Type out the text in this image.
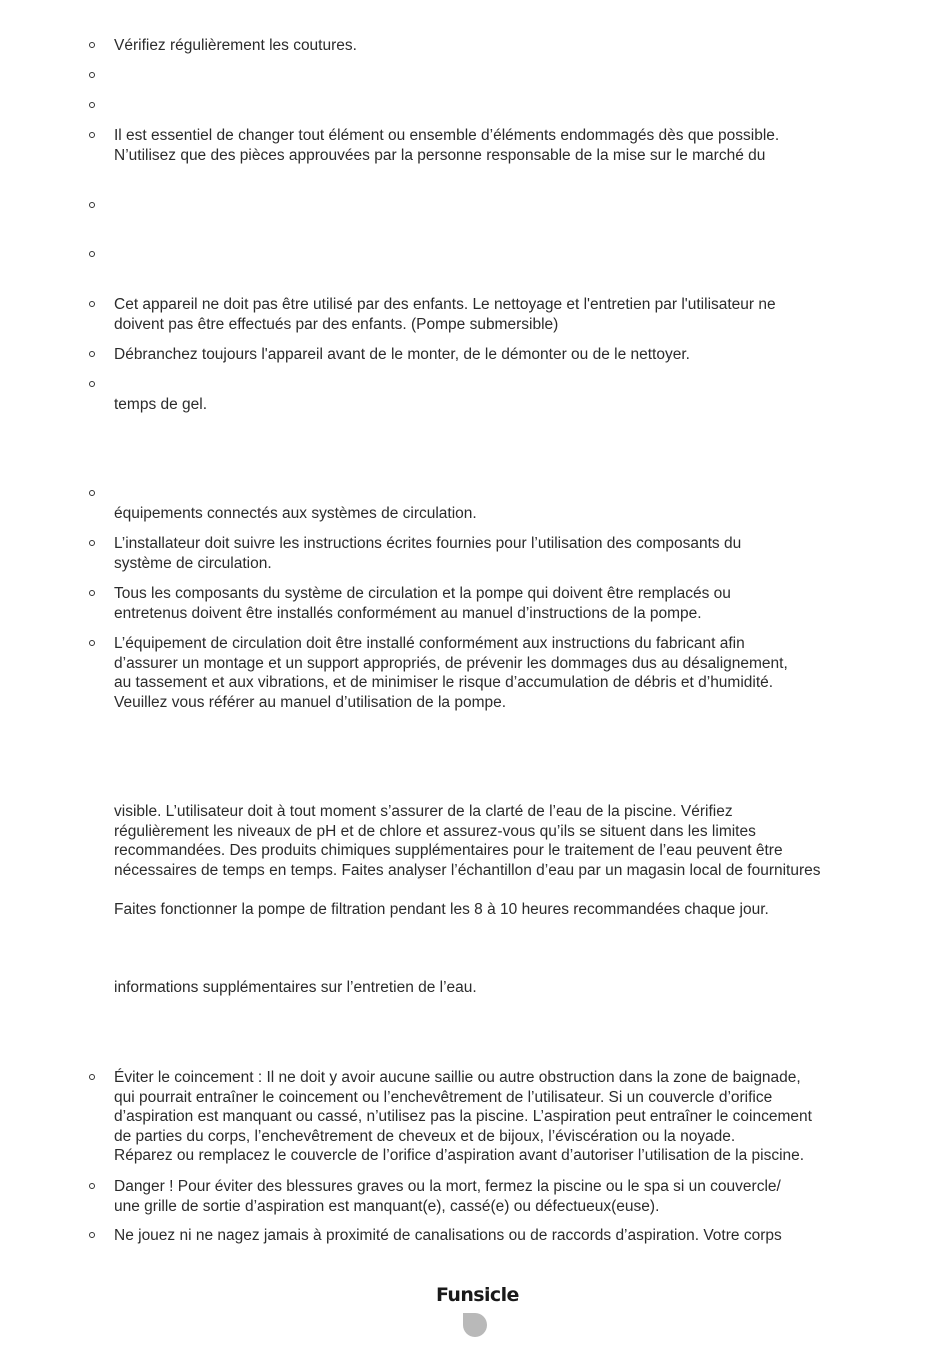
Vérifiez régulièrement les coutures.
Il est essentiel de changer tout élément ou ensemble d’éléments endommagés dès que possible.
N’utilisez que des pièces approuvées par la personne responsable de la mise sur le marché du
Cet appareil ne doit pas être utilisé par des enfants. Le nettoyage et l'entretien par l'utilisateur ne
doivent pas être effectués par des enfants. (Pompe submersible)
Débranchez toujours l'appareil avant de le monter, de le démonter ou de le nettoyer.

temps de gel.

équipements connectés aux systèmes de circulation.
L’installateur doit suivre les instructions écrites fournies pour l’utilisation des composants du
système de circulation.
Tous les composants du système de circulation et la pompe qui doivent être remplacés ou
entretenus doivent être installés conformément au manuel d’instructions de la pompe.
L’équipement de circulation doit être installé conformément aux instructions du fabricant afin
d’assurer un montage et un support appropriés, de prévenir les dommages dus au désalignement,
au tassement et aux vibrations, et de minimiser le risque d’accumulation de débris et d’humidité.
Veuillez vous référer au manuel d’utilisation de la pompe.
visible. L’utilisateur doit à tout moment s’assurer de la clarté de l’eau de la piscine. Vérifiez
régulièrement les niveaux de pH et de chlore et assurez-vous qu’ils se situent dans les limites
recommandées. Des produits chimiques supplémentaires pour le traitement de l’eau peuvent être
nécessaires de temps en temps. Faites analyser l’échantillon d’eau par un magasin local de fournitures
Faites fonctionner la pompe de filtration pendant les 8 à 10 heures recommandées chaque jour.
informations supplémentaires sur l’entretien de l’eau.
Éviter le coincement : Il ne doit y avoir aucune saillie ou autre obstruction dans la zone de baignade,
qui pourrait entraîner le coincement ou l’enchevêtrement de l’utilisateur. Si un couvercle d’orifice
d’aspiration est manquant ou cassé, n’utilisez pas la piscine. L’aspiration peut entraîner le coincement
de parties du corps, l’enchevêtrement de cheveux et de bijoux, l’éviscération ou la noyade.
Réparez ou remplacez le couvercle de l’orifice d’aspiration avant d’autoriser l’utilisation de la piscine.
Danger ! Pour éviter des blessures graves ou la mort, fermez la piscine ou le spa si un couvercle/
une grille de sortie d’aspiration est manquant(e), cassé(e) ou défectueux(euse).
Ne jouez ni ne nagez jamais à proximité de canalisations ou de raccords d’aspiration. Votre corps
Funsicle
